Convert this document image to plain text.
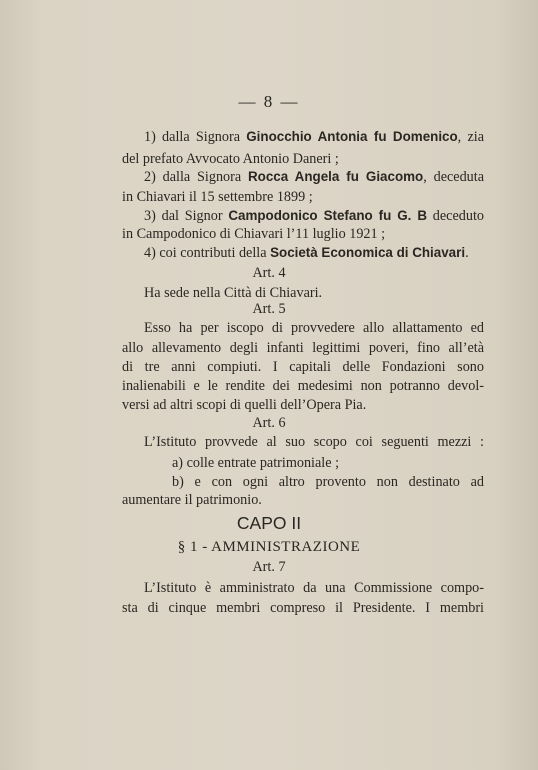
— 8 —
1) dalla Signora Ginocchio Antonia fu Domenico, zia
del prefato Avvocato Antonio Daneri ;
2) dalla Signora Rocca Angela fu Giacomo, deceduta
in Chiavari il 15 settembre 1899 ;
3) dal Signor Campodonico Stefano fu G. B deceduto
in Campodonico di Chiavari l’11 luglio 1921 ;
4) coi contributi della Società Economica di Chiavari.
Art. 4
Ha sede nella Città di Chiavari.
Art. 5
Esso ha per iscopo di provvedere allo allattamento ed
allo allevamento degli infanti legittimi poveri, fino all’età
di tre anni compiuti. I capitali delle Fondazioni sono
inalienabili e le rendite dei medesimi non potranno devol-
versi ad altri scopi di quelli dell’Opera Pia.
Art. 6
L’Istituto provvede al suo scopo coi seguenti mezzi :
a) colle entrate patrimoniale ;
b) e con ogni altro provento non destinato ad
aumentare il patrimonio.
CAPO II
§ 1 - AMMINISTRAZIONE
Art. 7
L’Istituto è amministrato da una Commissione compo-
sta di cinque membri compreso il Presidente. I membri
